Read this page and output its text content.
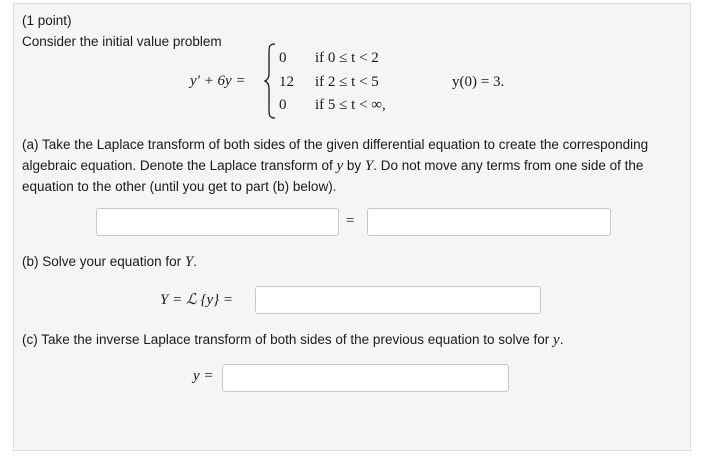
(1 point)
Consider the initial value problem
y′ + 6y =
0 if 0 ≤ t < 2
12 if 2 ≤ t < 5
0 if 5 ≤ t < ∞,
y(0) = 3.
(a) Take the Laplace transform of both sides of the given differential equation to create the corresponding
algebraic equation. Denote the Laplace transform of y by Y. Do not move any terms from one side of the
equation to the other (until you get to part (b) below).
=
(b) Solve your equation for Y.
Y = ℒ {y} =
(c) Take the inverse Laplace transform of both sides of the previous equation to solve for y.
y =
